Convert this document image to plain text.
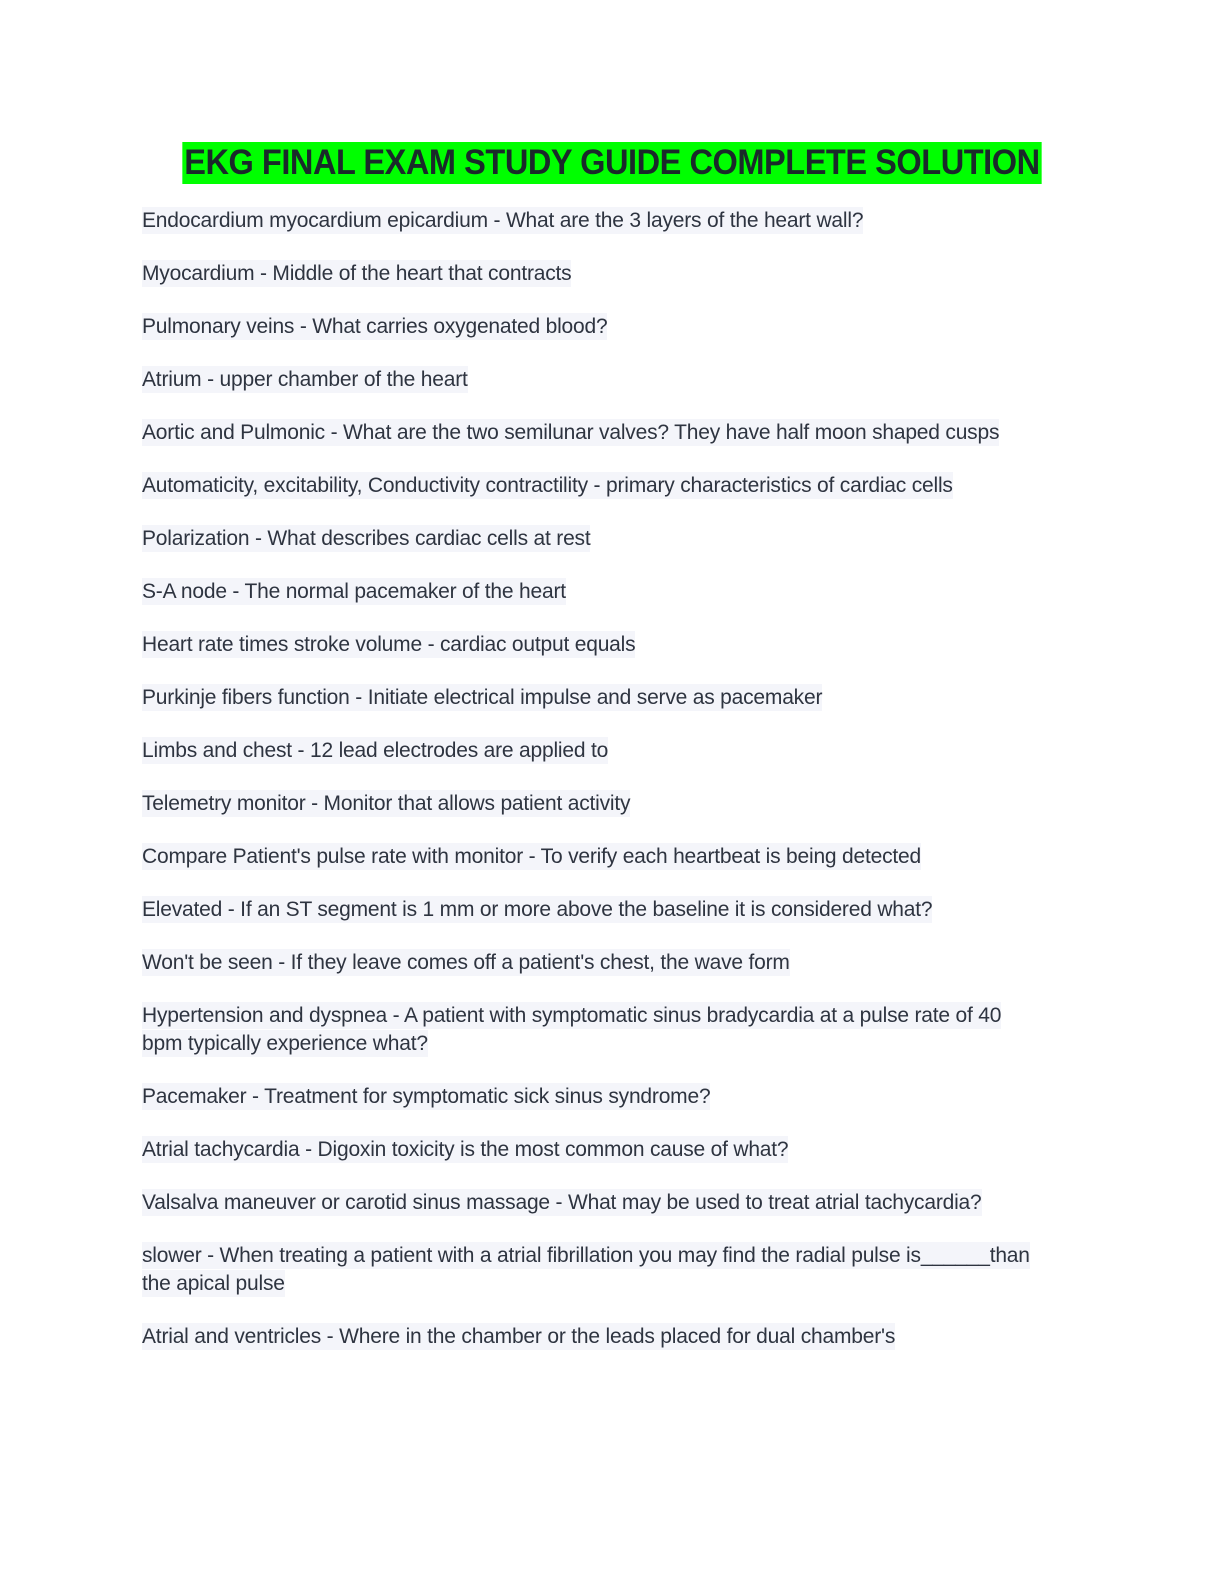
EKG FINAL EXAM STUDY GUIDE COMPLETE SOLUTION

Endocardium myocardium epicardium - What are the 3 layers of the heart wall?

Myocardium - Middle of the heart that contracts

Pulmonary veins - What carries oxygenated blood?

Atrium - upper chamber of the heart

Aortic and Pulmonic - What are the two semilunar valves? They have half moon shaped cusps

Automaticity, excitability, Conductivity contractility - primary characteristics of cardiac cells

Polarization - What describes cardiac cells at rest

S-A node - The normal pacemaker of the heart

Heart rate times stroke volume - cardiac output equals

Purkinje fibers function - Initiate electrical impulse and serve as pacemaker

Limbs and chest - 12 lead electrodes are applied to

Telemetry monitor - Monitor that allows patient activity

Compare Patient's pulse rate with monitor - To verify each heartbeat is being detected

Elevated - If an ST segment is 1 mm or more above the baseline it is considered what?

Won't be seen - If they leave comes off a patient's chest, the wave form

Hypertension and dyspnea - A patient with symptomatic sinus bradycardia at a pulse rate of 40 bpm typically experience what?

Pacemaker - Treatment for symptomatic sick sinus syndrome?

Atrial tachycardia - Digoxin toxicity is the most common cause of what?

Valsalva maneuver or carotid sinus massage - What may be used to treat atrial tachycardia?

slower - When treating a patient with a atrial fibrillation you may find the radial pulse is______than the apical pulse

Atrial and ventricles - Where in the chamber or the leads placed for dual chamber's
